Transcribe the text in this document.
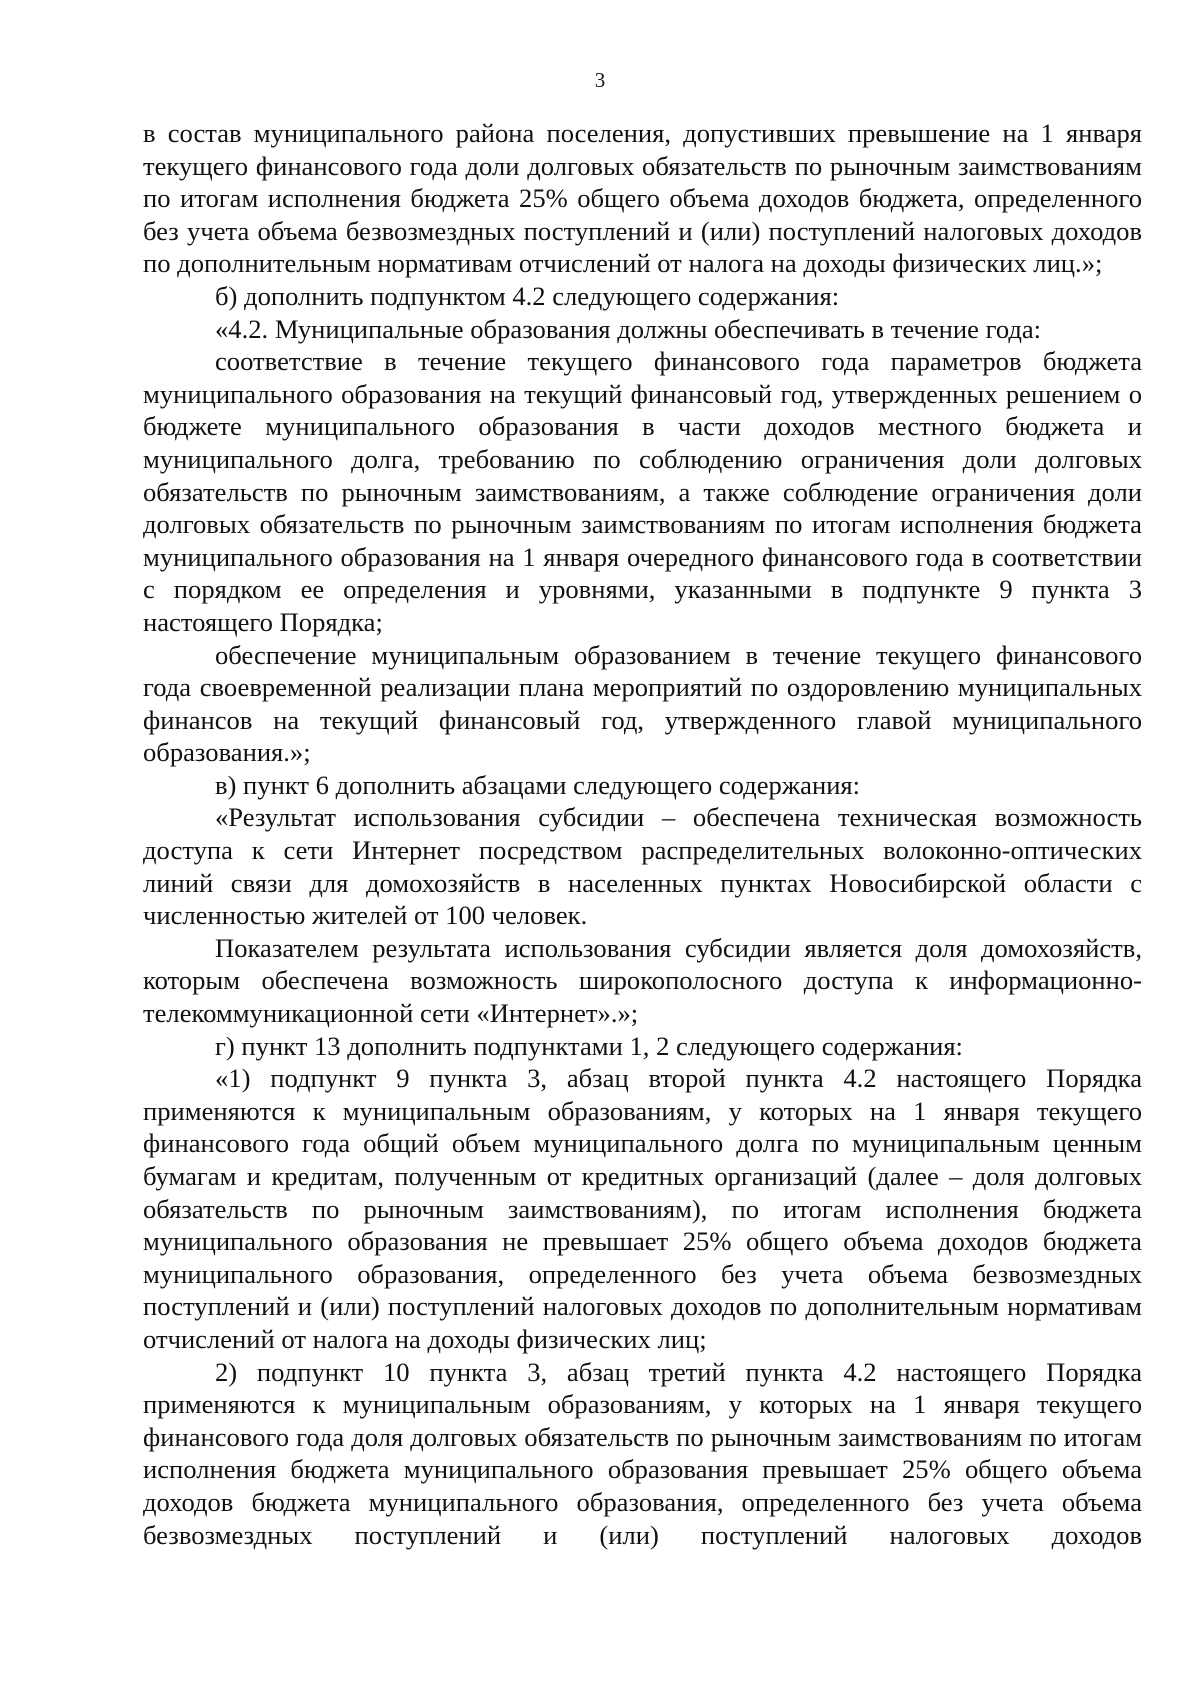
3

в состав муниципального района поселения, допустивших превышение на 1 января текущего финансового года доли долговых обязательств по рыночным заимствованиям по итогам исполнения бюджета 25% общего объема доходов бюджета, определенного без учета объема безвозмездных поступлений и (или) поступлений налоговых доходов по дополнительным нормативам отчислений от налога на доходы физических лиц.»;

б) дополнить подпунктом 4.2 следующего содержания:

«4.2. Муниципальные образования должны обеспечивать в течение года:

соответствие в течение текущего финансового года параметров бюджета муниципального образования на текущий финансовый год, утвержденных решением о бюджете муниципального образования в части доходов местного бюджета и муниципального долга, требованию по соблюдению ограничения доли долговых обязательств по рыночным заимствованиям, а также соблюдение ограничения доли долговых обязательств по рыночным заимствованиям по итогам исполнения бюджета муниципального образования на 1 января очередного финансового года в соответствии с порядком ее определения и уровнями, указанными в подпункте 9 пункта 3 настоящего Порядка;

обеспечение муниципальным образованием в течение текущего финансового года своевременной реализации плана мероприятий по оздоровлению муниципальных финансов на текущий финансовый год, утвержденного главой муниципального образования.»;

в) пункт 6 дополнить абзацами следующего содержания:

«Результат использования субсидии – обеспечена техническая возможность доступа к сети Интернет посредством распределительных волоконно-оптических линий связи для домохозяйств в населенных пунктах Новосибирской области с численностью жителей от 100 человек.

Показателем результата использования субсидии является доля домохозяйств, которым обеспечена возможность широкополосного доступа к информационно-телекоммуникационной сети «Интернет».»;

г) пункт 13 дополнить подпунктами 1, 2 следующего содержания:

«1) подпункт 9 пункта 3, абзац второй пункта 4.2 настоящего Порядка применяются к муниципальным образованиям, у которых на 1 января текущего финансового года общий объем муниципального долга по муниципальным ценным бумагам и кредитам, полученным от кредитных организаций (далее – доля долговых обязательств по рыночным заимствованиям), по итогам исполнения бюджета муниципального образования не превышает 25% общего объема доходов бюджета муниципального образования, определенного без учета объема безвозмездных поступлений и (или) поступлений налоговых доходов по дополнительным нормативам отчислений от налога на доходы физических лиц;

2) подпункт 10 пункта 3, абзац третий пункта 4.2 настоящего Порядка применяются к муниципальным образованиям, у которых на 1 января текущего финансового года доля долговых обязательств по рыночным заимствованиям по итогам исполнения бюджета муниципального образования превышает 25% общего объема доходов бюджета муниципального образования, определенного без учета объема безвозмездных поступлений и (или) поступлений налоговых доходов
